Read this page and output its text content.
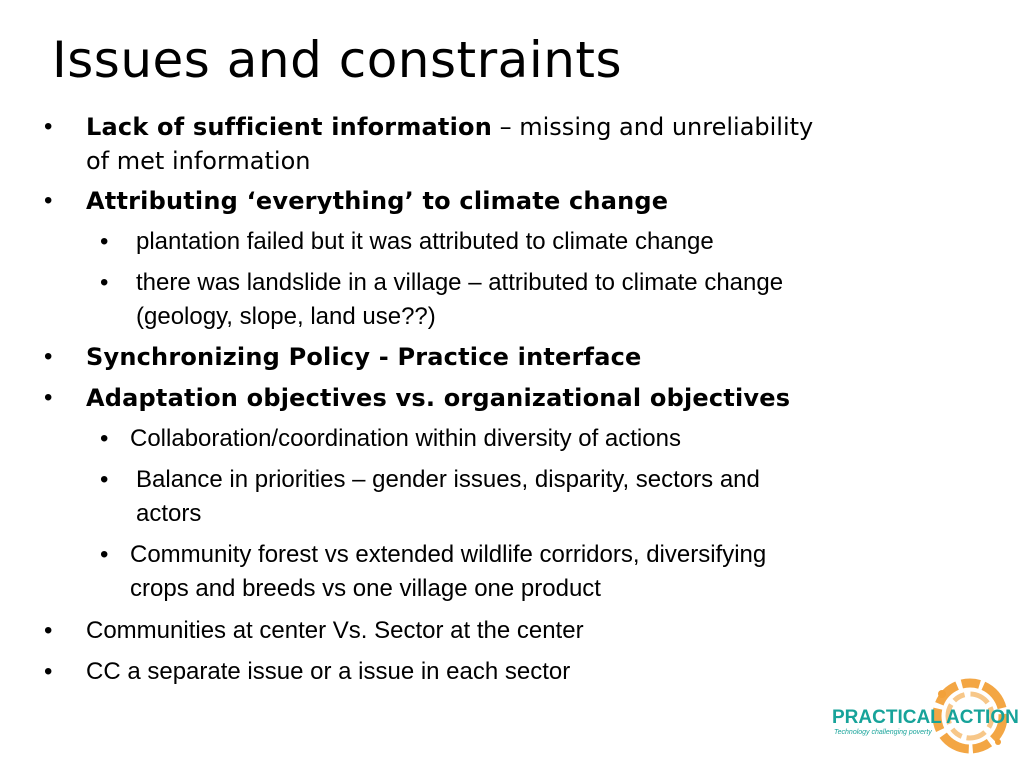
Issues and constraints
• Lack of sufficient information – missing and unreliability
of met information
• Attributing ‘everything’ to climate change
• plantation failed but it was attributed to climate change
• there was landslide in a village – attributed to climate change
(geology, slope, land use??)
• Synchronizing Policy - Practice interface
• Adaptation objectives vs. organizational objectives
• Collaboration/coordination within diversity of actions
• Balance in priorities – gender issues, disparity, sectors and
actors
• Community forest vs extended wildlife corridors, diversifying
crops and breeds vs one village one product
• Communities at center Vs. Sector at the center
• CC a separate issue or a issue in each sector
PRACTICAL ACTION
Technology challenging poverty
